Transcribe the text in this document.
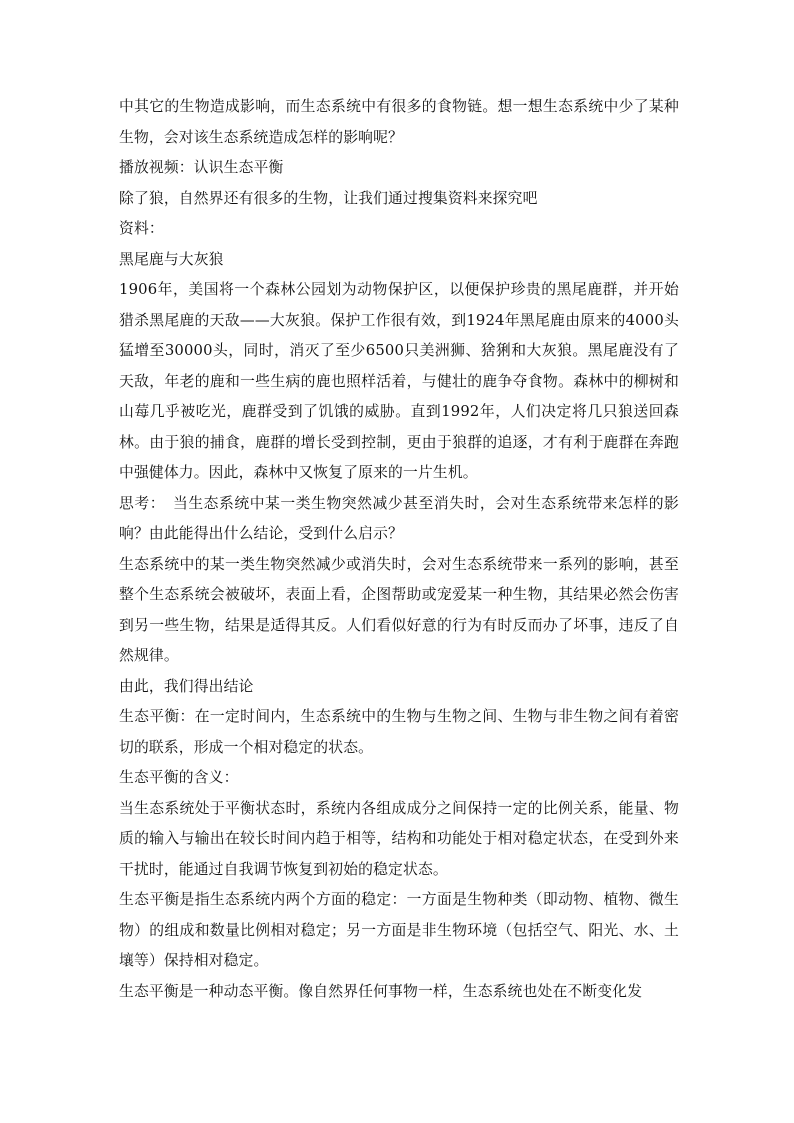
中其它的生物造成影响，而生态系统中有很多的食物链。想一想生态系统中少了某种生物，会对该生态系统造成怎样的影响呢？

播放视频：认识生态平衡

除了狼，自然界还有很多的生物，让我们通过搜集资料来探究吧

资料：

黑尾鹿与大灰狼

1906年，美国将一个森林公园划为动物保护区，以便保护珍贵的黑尾鹿群，并开始猎杀黑尾鹿的天敌——大灰狼。保护工作很有效，到1924年黑尾鹿由原来的4000头猛增至30000头，同时，消灭了至少6500只美洲狮、猞猁和大灰狼。黑尾鹿没有了天敌，年老的鹿和一些生病的鹿也照样活着，与健壮的鹿争夺食物。森林中的柳树和山莓几乎被吃光，鹿群受到了饥饿的威胁。直到1992年，人们决定将几只狼送回森林。由于狼的捕食，鹿群的增长受到控制，更由于狼群的追逐，才有利于鹿群在奔跑中强健体力。因此，森林中又恢复了原来的一片生机。

思考：　当生态系统中某一类生物突然减少甚至消失时，会对生态系统带来怎样的影响？由此能得出什么结论，受到什么启示？

生态系统中的某一类生物突然减少或消失时，会对生态系统带来一系列的影响，甚至整个生态系统会被破坏，表面上看，企图帮助或宠爱某一种生物，其结果必然会伤害到另一些生物，结果是适得其反。人们看似好意的行为有时反而办了坏事，违反了自然规律。

由此，我们得出结论

生态平衡：在一定时间内，生态系统中的生物与生物之间、生物与非生物之间有着密切的联系，形成一个相对稳定的状态。

生态平衡的含义：

当生态系统处于平衡状态时，系统内各组成成分之间保持一定的比例关系，能量、物质的输入与输出在较长时间内趋于相等，结构和功能处于相对稳定状态，在受到外来干扰时，能通过自我调节恢复到初始的稳定状态。

生态平衡是指生态系统内两个方面的稳定：一方面是生物种类（即动物、植物、微生物）的组成和数量比例相对稳定；另一方面是非生物环境（包括空气、阳光、水、土壤等）保持相对稳定。

生态平衡是一种动态平衡。像自然界任何事物一样，生态系统也处在不断变化发
